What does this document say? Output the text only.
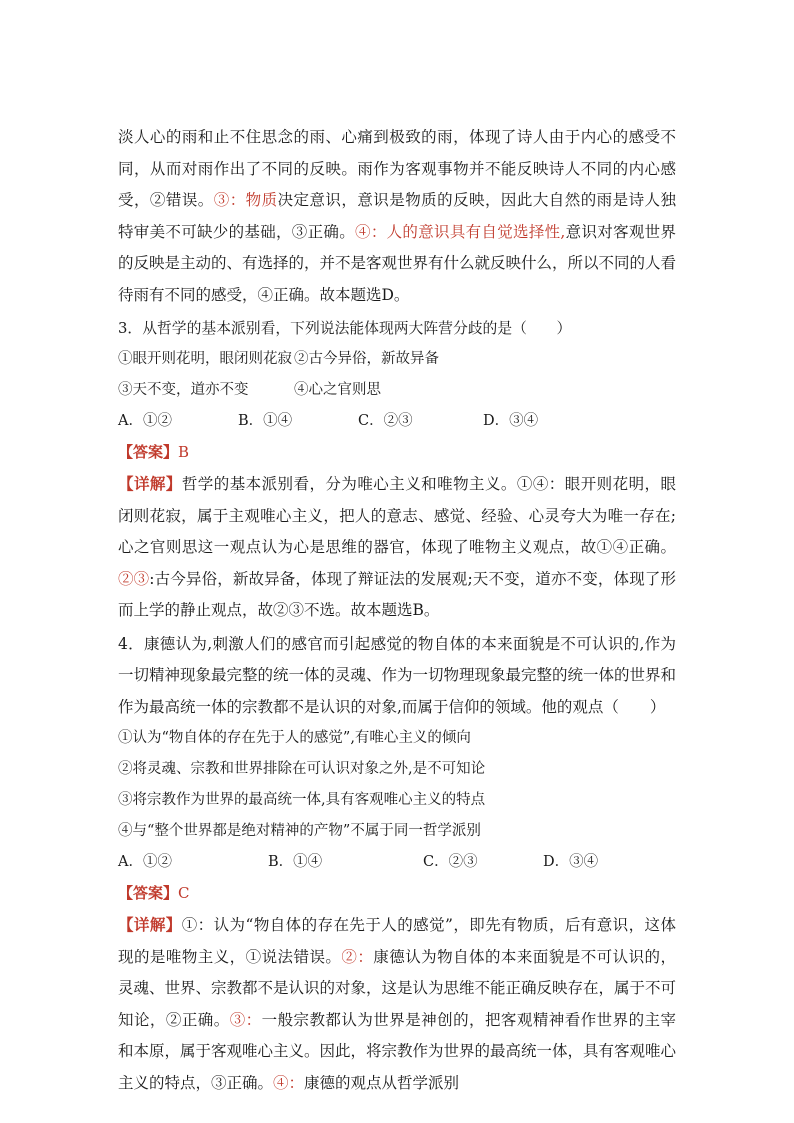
淡人心的雨和止不住思念的雨、心痛到极致的雨，体现了诗人由于内心的感受不同，从而对雨作出了不同的反映。雨作为客观事物并不能反映诗人不同的内心感受，②错误。③：物质决定意识，意识是物质的反映，因此大自然的雨是诗人独特审美不可缺少的基础，③正确。④：人的意识具有自觉选择性,意识对客观世界的反映是主动的、有选择的，并不是客观世界有什么就反映什么，所以不同的人看待雨有不同的感受，④正确。故本题选D。

3．从哲学的基本派别看，下列说法能体现两大阵营分歧的是（　　）

①眼开则花明，眼闭则花寂 ②古今异俗，新故异备
③天不变，道亦不变	④心之官则思
A．①②	B．①④	C．②③	D．③④

【答案】B

【详解】哲学的基本派别看，分为唯心主义和唯物主义。①④：眼开则花明，眼闭则花寂，属于主观唯心主义，把人的意志、感觉、经验、心灵夸大为唯一存在;心之官则思这一观点认为心是思维的器官，体现了唯物主义观点，故①④正确。②③:古今异俗，新故异备，体现了辩证法的发展观;天不变，道亦不变，体现了形而上学的静止观点，故②③不选。故本题选B。

4．康德认为,刺激人们的感官而引起感觉的物自体的本来面貌是不可认识的,作为一切精神现象最完整的统一体的灵魂、作为一切物理现象最完整的统一体的世界和作为最高统一体的宗教都不是认识的对象,而属于信仰的领域。他的观点（　　）

①认为“物自体的存在先于人的感觉”,有唯心主义的倾向

②将灵魂、宗教和世界排除在可认识对象之外,是不可知论

③将宗教作为世界的最高统一体,具有客观唯心主义的特点

④与“整个世界都是绝对精神的产物”不属于同一哲学派别

A．①②	B．①④	C．②③	D．③④

【答案】C

【详解】①：认为“物自体的存在先于人的感觉”，即先有物质，后有意识，这体现的是唯物主义，①说法错误。②：康德认为物自体的本来面貌是不可认识的，灵魂、世界、宗教都不是认识的对象，这是认为思维不能正确反映存在，属于不可知论，②正确。③：一般宗教都认为世界是神创的，把客观精神看作世界的主宰和本原，属于客观唯心主义。因此，将宗教作为世界的最高统一体，具有客观唯心主义的特点，③正确。④：康德的观点从哲学派别
